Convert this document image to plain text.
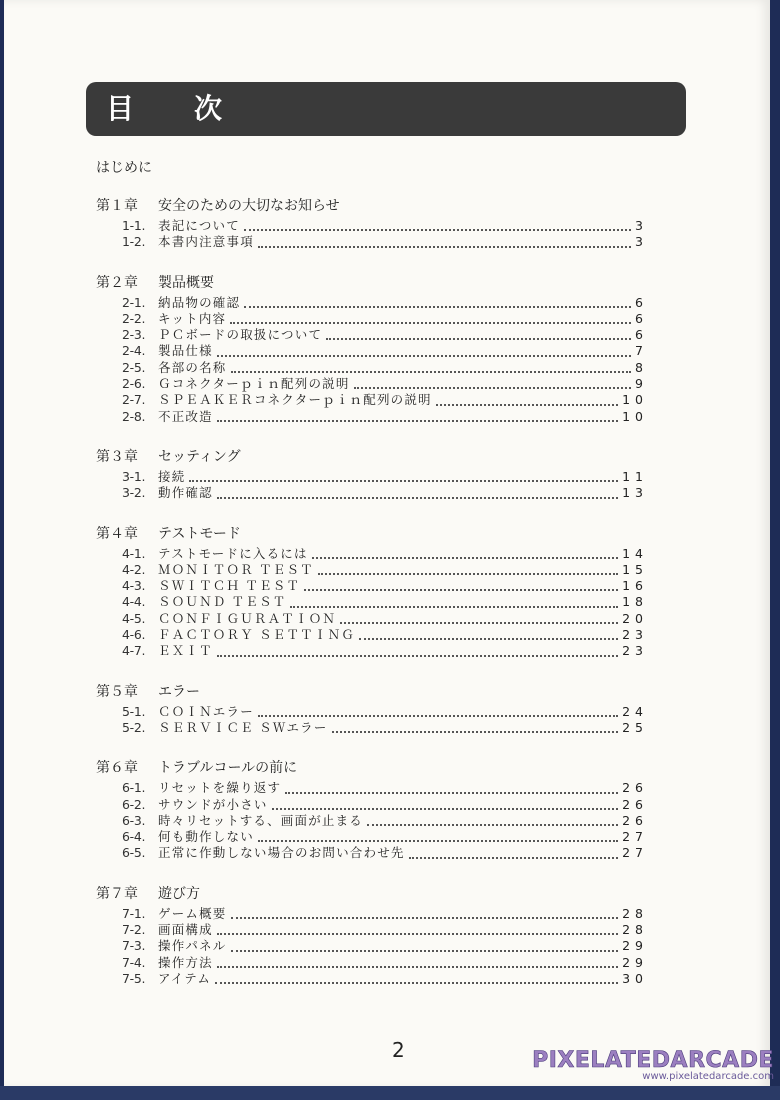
目　次
はじめに
第１章 安全のための大切なお知らせ
1-1.	表記について	3
1-2.	本書内注意事項	3
第２章 製品概要
2-1.	納品物の確認	6
2-2.	キット内容	6
2-3.	ＰＣボードの取扱について	6
2-4.	製品仕様	7
2-5.	各部の名称	8
2-6.	Ｇコネクターｐｉｎ配列の説明	9
2-7.	ＳＰＥＡＫＥＲコネクターｐｉｎ配列の説明	10
2-8.	不正改造	10
第３章 セッティング
3-1.	接続	11
3-2.	動作確認	13
第４章 テストモード
4-1.	テストモードに入るには	14
4-2.	ＭＯＮＩＴＯＲ ＴＥＳＴ	15
4-3.	ＳＷＩＴＣＨ ＴＥＳＴ	16
4-4.	ＳＯＵＮＤ ＴＥＳＴ	18
4-5.	ＣＯＮＦＩＧＵＲＡＴＩＯＮ	20
4-6.	ＦＡＣＴＯＲＹ ＳＥＴＴＩＮＧ	23
4-7.	ＥＸＩＴ	23
第５章 エラー
5-1.	ＣＯＩＮエラー	24
5-2.	ＳＥＲＶＩＣＥ ＳＷエラー	25
第６章 トラブルコールの前に
6-1.	リセットを繰り返す	26
6-2.	サウンドが小さい	26
6-3.	時々リセットする、画面が止まる	26
6-4.	何も動作しない	27
6-5.	正常に作動しない場合のお問い合わせ先	27
第７章 遊び方
7-1.	ゲーム概要	28
7-2.	画面構成	28
7-3.	操作パネル	29
7-4.	操作方法	29
7-5.	アイテム	30
2	PIXELATEDARCADE
www.pixelatedarcade.com
